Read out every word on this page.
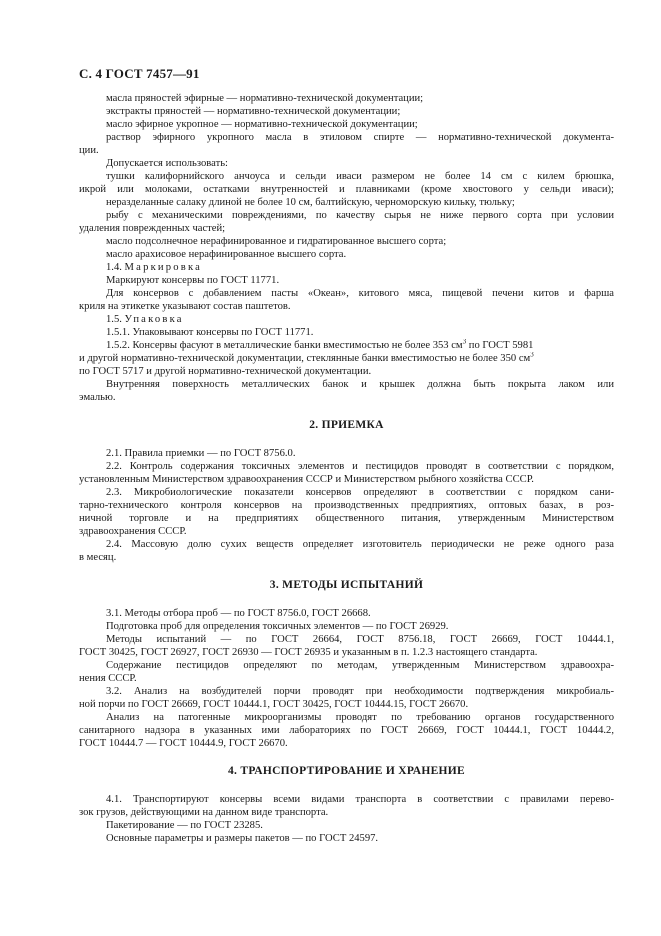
С. 4 ГОСТ 7457—91
масла пряностей эфирные — нормативно-технической документации;
экстракты пряностей — нормативно-технической документации;
масло эфирное укропное — нормативно-технической документации;
раствор эфирного укропного масла в этиловом спирте — нормативно-технической документа-
ции.
Допускается использовать:
тушки калифорнийского анчоуса и сельди иваси размером не более 14 см с килем брюшка,
икрой или молоками, остатками внутренностей и плавниками (кроме хвостового у сельди иваси);
неразделанные салаку длиной не более 10 см, балтийскую, черноморскую кильку, тюльку;
рыбу с механическими повреждениями, по качеству сырья не ниже первого сорта при условии
удаления поврежденных частей;
масло подсолнечное нерафинированное и гидратированное высшего сорта;
масло арахисовое нерафинированное высшего сорта.
1.4. Маркировка
Маркируют консервы по ГОСТ 11771.
Для консервов с добавлением пасты «Океан», китового мяса, пищевой печени китов и фарша
криля на этикетке указывают состав паштетов.
1.5. Упаковка
1.5.1. Упаковывают консервы по ГОСТ 11771.
1.5.2. Консервы фасуют в металлические банки вместимостью не более 353 $см^3$ по ГОСТ 5981
и другой нормативно-технической документации, стеклянные банки вместимостью не более 350 $см^3$
по ГОСТ 5717 и другой нормативно-технической документации.
Внутренняя поверхность металлических банок и крышек должна быть покрыта лаком или
эмалью.
2. ПРИЕМКА
2.1. Правила приемки — по ГОСТ 8756.0.
2.2. Контроль содержания токсичных элементов и пестицидов проводят в соответствии с порядком,
установленным Министерством здравоохранения СССР и Министерством рыбного хозяйства СССР.
2.3. Микробиологические показатели консервов определяют в соответствии с порядком сани-
тарно-технического контроля консервов на производственных предприятиях, оптовых базах, в роз-
ничной торговле и на предприятиях общественного питания, утвержденным Министерством
здравоохранения СССР.
2.4. Массовую долю сухих веществ определяет изготовитель периодически не реже одного раза
в месяц.
3. МЕТОДЫ ИСПЫТАНИЙ
3.1. Методы отбора проб — по ГОСТ 8756.0, ГОСТ 26668.
Подготовка проб для определения токсичных элементов — по ГОСТ 26929.
Методы испытаний — по ГОСТ 26664, ГОСТ 8756.18, ГОСТ 26669, ГОСТ 10444.1,
ГОСТ 30425, ГОСТ 26927, ГОСТ 26930 — ГОСТ 26935 и указанным в п. 1.2.3 настоящего стандарта.
Содержание пестицидов определяют по методам, утвержденным Министерством здравоохра-
нения СССР.
3.2. Анализ на возбудителей порчи проводят при необходимости подтверждения микробиаль-
ной порчи по ГОСТ 26669, ГОСТ 10444.1, ГОСТ 30425, ГОСТ 10444.15, ГОСТ 26670.
Анализ на патогенные микроорганизмы проводят по требованию органов государственного
санитарного надзора в указанных ими лабораториях по ГОСТ 26669, ГОСТ 10444.1, ГОСТ 10444.2,
ГОСТ 10444.7 — ГОСТ 10444.9, ГОСТ 26670.
4. ТРАНСПОРТИРОВАНИЕ И ХРАНЕНИЕ
4.1. Транспортируют консервы всеми видами транспорта в соответствии с правилами перево-
зок грузов, действующими на данном виде транспорта.
Пакетирование — по ГОСТ 23285.
Основные параметры и размеры пакетов — по ГОСТ 24597.
